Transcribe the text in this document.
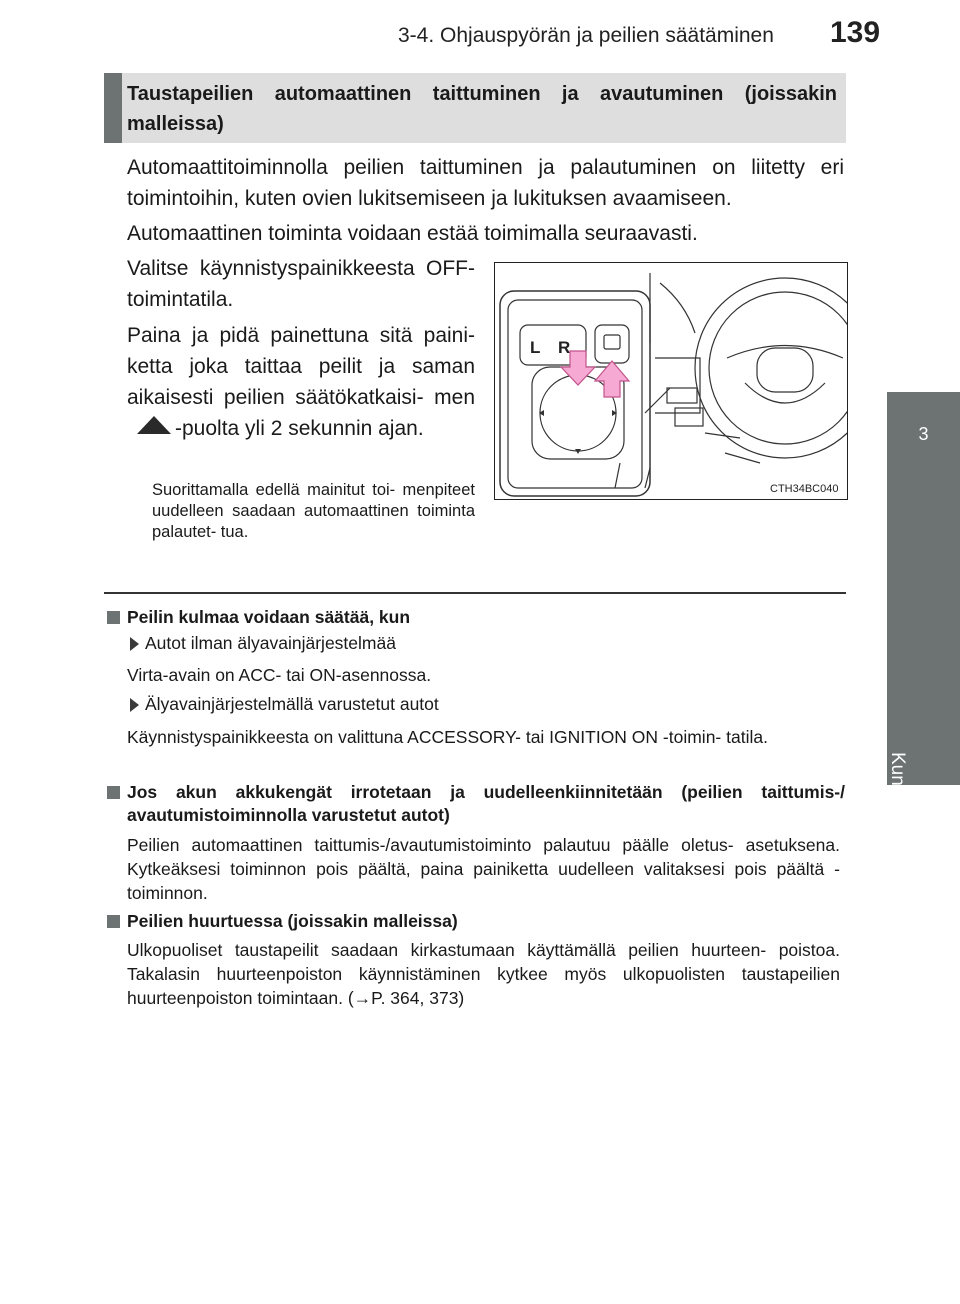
3-4. Ohjauspyörän ja peilien säätäminen 139
3
Kunkin komponentin toiminta
Taustapeilien automaattinen taittuminen ja avautuminen (joissakin malleissa)
Automaattitoiminnolla peilien taittuminen ja palautuminen on liitetty eri toimintoihin, kuten ovien lukitsemiseen ja lukituksen avaamiseen.
Automaattinen toiminta voidaan estää toimimalla seuraavasti.
Valitse käynnistyspainikkeesta OFF-toimintatila.
Paina ja pidä painettuna sitä paini- ketta joka taittaa peilit ja saman aikaisesti peilien säätökatkaisi- men-puolta yli 2 sekunnin ajan.
Suorittamalla edellä mainitut toi- menpiteet uudelleen saadaan automaattinen toiminta palautet- tua.
L R
CTH34BC040
Peilin kulmaa voidaan säätää, kun
Autot ilman älyavainjärjestelmää
Virta-avain on ACC- tai ON-asennossa.
Älyavainjärjestelmällä varustetut autot
Käynnistyspainikkeesta on valittuna ACCESSORY- tai IGNITION ON -toimin- tatila.
Jos akun akkukengät irrotetaan ja uudelleenkiinnitetään (peilien taittumis-/ avautumistoiminnolla varustetut autot)
Peilien automaattinen taittumis-/avautumistoiminto palautuu päälle oletus- asetuksena. Kytkeäksesi toiminnon pois päältä, paina painiketta uudelleen valitaksesi pois päältä -toiminnon.
Peilien huurtuessa (joissakin malleissa)
Ulkopuoliset taustapeilit saadaan kirkastumaan käyttämällä peilien huurteen- poistoa. Takalasin huurteenpoiston käynnistäminen kytkee myös ulkopuolisten taustapeilien huurteenpoiston toimintaan. (→P. 364, 373)
